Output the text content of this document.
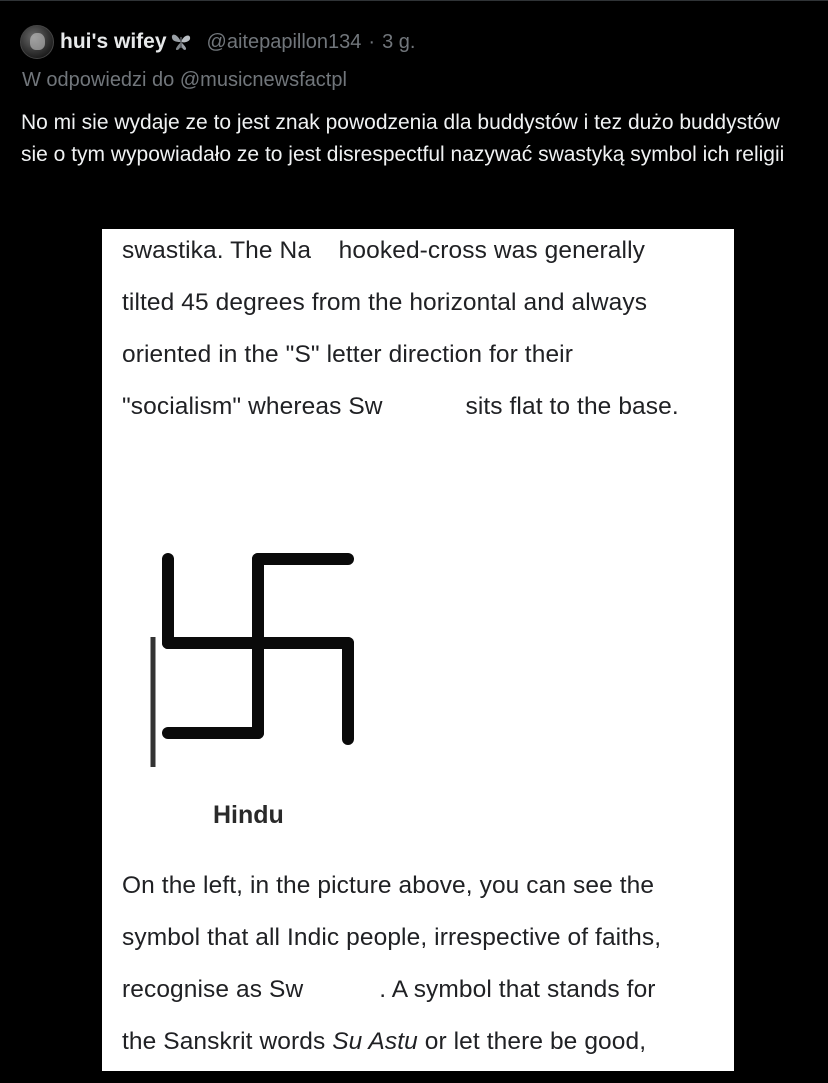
hui's wifey @aitepapillon134 · 3 g.
W odpowiedzi do @musicnewsfactpl
No mi sie wydaje ze to jest znak powodzenia dla buddystów i tez dużo buddystów sie o tym wypowiadało ze to jest disrespectful nazywać swastyką symbol ich religii
swastika. The Na    hooked-cross was generally
tilted 45 degrees from the horizontal and always
oriented in the "S" letter direction for their
"socialism" whereas Sw            sits flat to the base.
Hindu
On the left, in the picture above, you can see the
symbol that all Indic people, irrespective of faiths,
recognise as Sw           . A symbol that stands for
the Sanskrit words Su Astu or let there be good,
